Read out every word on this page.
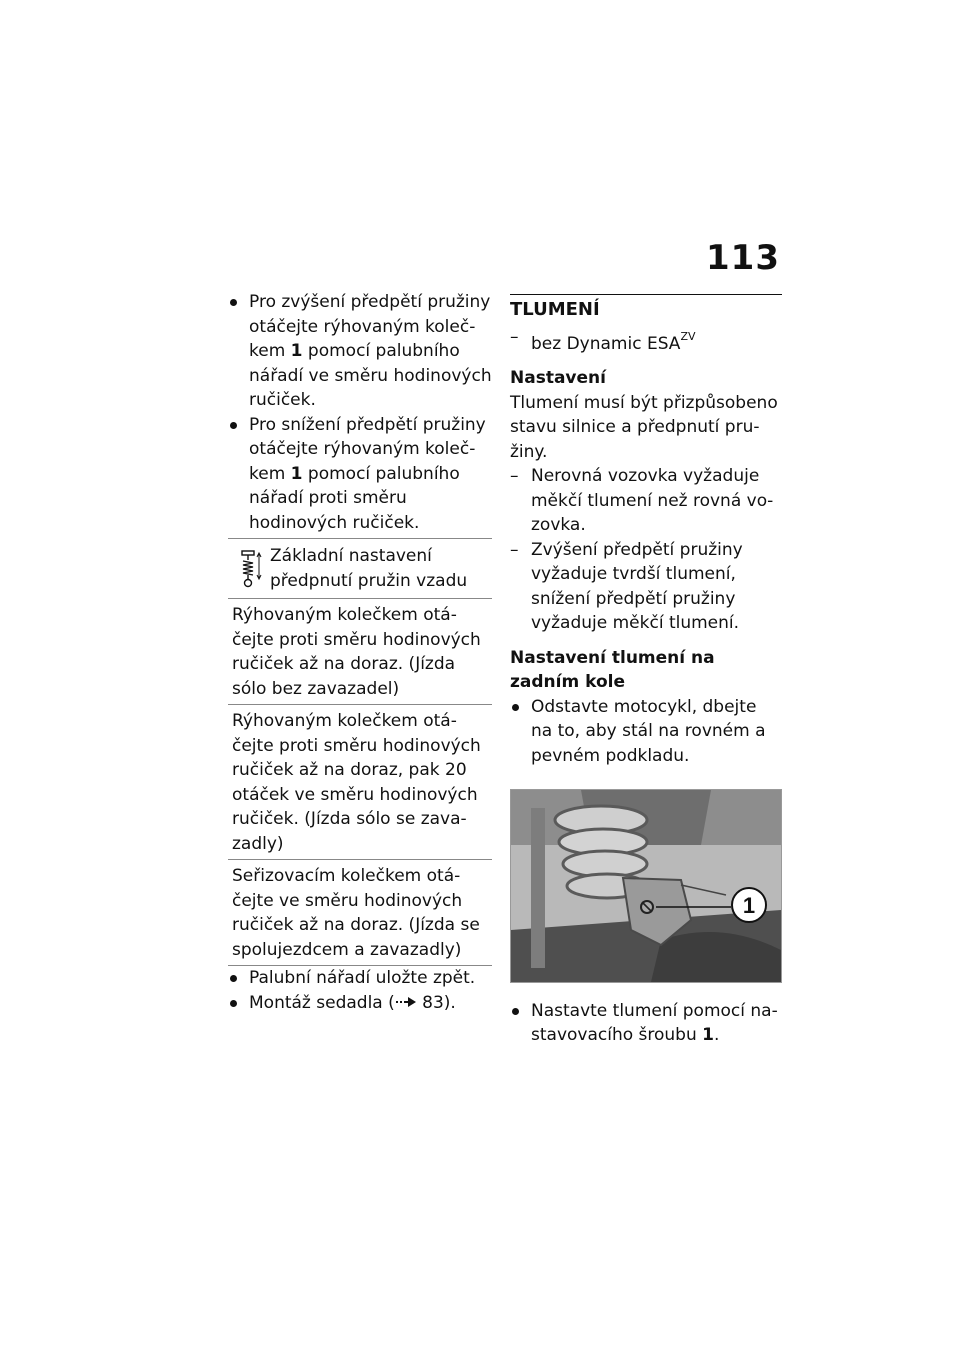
113
Pro zvýšení předpětí pružiny otáčejte rýhovaným kolečkem 1 pomocí palubního nářadí ve směru hodinových ručiček.
Pro snížení předpětí pružiny otáčejte rýhovaným kolečkem 1 pomocí palubního nářadí proti směru hodinových ručiček.
Základní nastavení předpnutí pružin vzadu
Rýhovaným kolečkem otáčejte proti směru hodinových ručiček až na doraz. (Jízda sólo bez zavazadel)
Rýhovaným kolečkem otáčejte proti směru hodinových ručiček až na doraz, pak 20 otáček ve směru hodinových ručiček. (Jízda sólo se zavazadly)
Seřizovacím kolečkem otáčejte ve směru hodinových ručiček až na doraz. (Jízda se spolujezdcem a zavazadly)
Palubní nářadí uložte zpět.
Montáž sedadla ( 83).
TLUMENÍ
– bez Dynamic $ESA^{ZV}$
Nastavení
Tlumení musí být přizpůsobeno stavu silnice a předpnutí pružiny.
– Nerovná vozovka vyžaduje měkčí tlumení než rovná vozovka.
– Zvýšení předpětí pružiny vyžaduje tvrdší tlumení, snížení předpětí pružiny vyžaduje měkčí tlumení.
Nastavení tlumení na zadním kole
Odstavte motocykl, dbejte na to, aby stál na rovném a pevném podkladu.
1
Nastavte tlumení pomocí nastavovacího šroubu 1.
